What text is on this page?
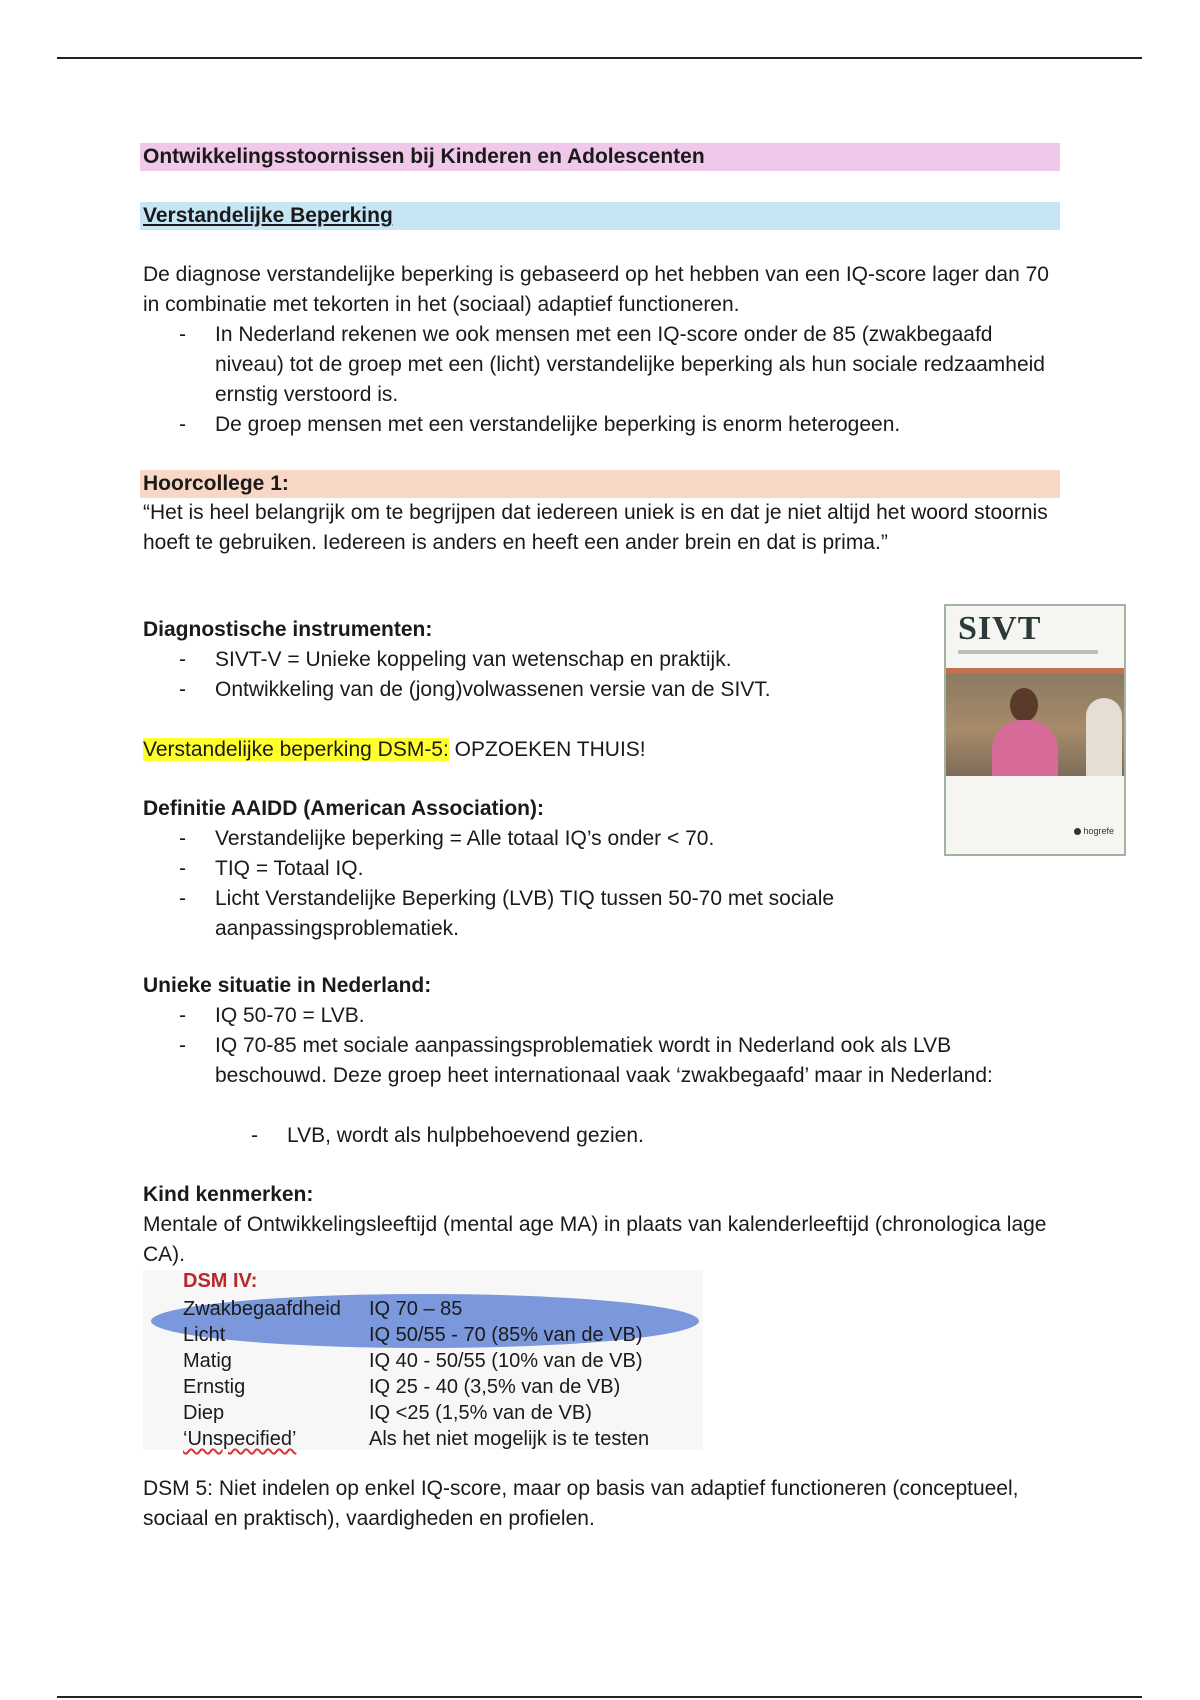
Ontwikkelingsstoornissen bij Kinderen en Adolescenten
Verstandelijke Beperking

De diagnose verstandelijke beperking is gebaseerd op het hebben van een IQ-score lager dan 70 in combinatie met tekorten in het (sociaal) adaptief functioneren.

- In Nederland rekenen we ook mensen met een IQ-score onder de 85 (zwakbegaafd niveau) tot de groep met een (licht) verstandelijke beperking als hun sociale redzaamheid ernstig verstoord is.
- De groep mensen met een verstandelijke beperking is enorm heterogeen.
Hoorcollege 1:

“Het is heel belangrijk om te begrijpen dat iedereen uniek is en dat je niet altijd het woord stoornis hoeft te gebruiken. Iedereen is anders en heeft een ander brein en dat is prima.”

Diagnostische instrumenten:

- SIVT-V = Unieke koppeling van wetenschap en praktijk.
- Ontwikkeling van de (jong)volwassenen versie van de SIVT.

Verstandelijke beperking DSM-5: OPZOEKEN THUIS!

Definitie AAIDD (American Association):

- Verstandelijke beperking = Alle totaal IQ’s onder < 70.
- TIQ = Totaal IQ.
- Licht Verstandelijke Beperking (LVB) TIQ tussen 50-70 met sociale aanpassingsproblematiek.

Unieke situatie in Nederland:

- IQ 50-70 = LVB.
- IQ 70-85 met sociale aanpassingsproblematiek wordt in Nederland ook als LVB beschouwd. Deze groep heet internationaal vaak ‘zwakbegaafd’ maar in Nederland:
- LVB, wordt als hulpbehoevend gezien.

Kind kenmerken:

Mentale of Ontwikkelingsleeftijd (mental age MA) in plaats van kalenderleeftijd (chronologica lage CA).

DSM IV:
Zwakbegaafdheid IQ 70 – 85
Licht	IQ 50/55 - 70 (85% van de VB)
Matig	IQ 40 - 50/55 (10% van de VB)
Ernstig	IQ 25 - 40 (3,5% van de VB)
Diep	IQ <25 (1,5% van de VB)
‘Unspecified’	Als het niet mogelijk is te testen

DSM 5: Niet indelen op enkel IQ-score, maar op basis van adaptief functioneren (conceptueel, sociaal en praktisch), vaardigheden en profielen.

SIVT
hogrefe
